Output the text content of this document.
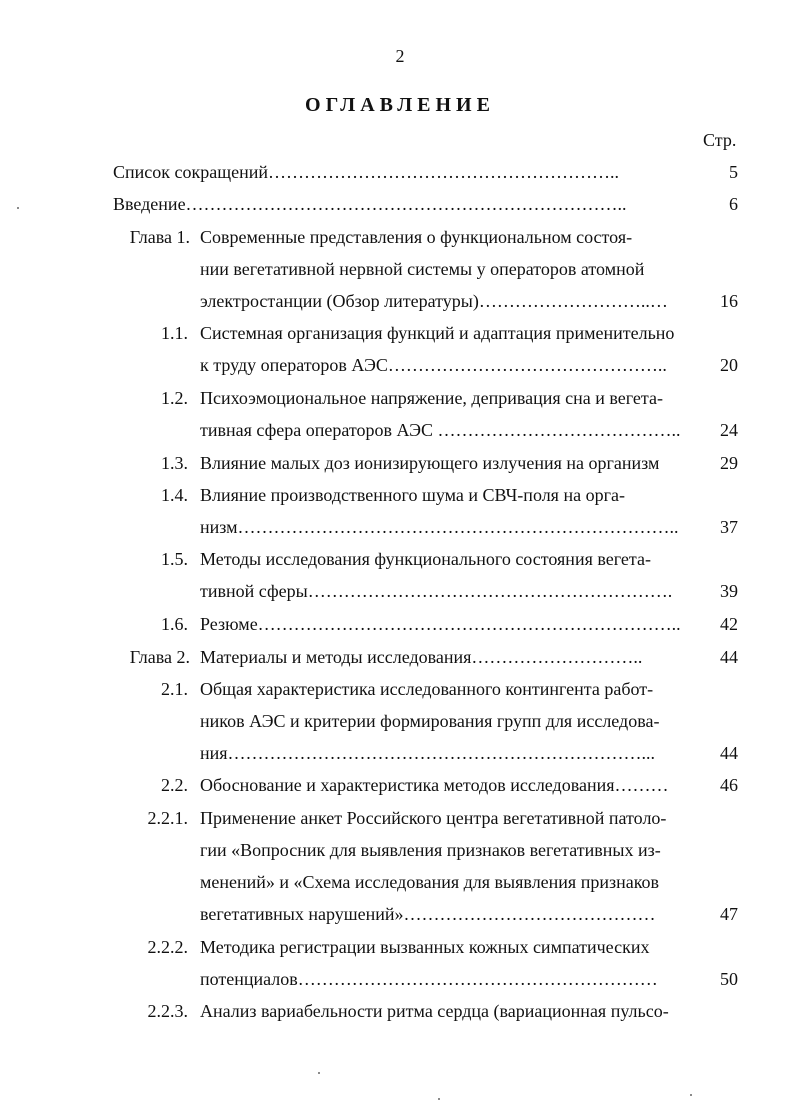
2
ОГЛАВЛЕНИЕ
Стр.
Список сокращений…………………………………………………..	5
Введение………………………………………………………………..	6
Глава 1. Современные представления о функциональном состоя-
нии вегетативной нервной системы у операторов атомной
электростанции (Обзор литературы)………………………..…	16
1.1. Системная организация функций и адаптация применительно
к труду операторов АЭС………………………………………..	20
1.2. Психоэмоциональное напряжение, депривация сна и вегета-
тивная сфера операторов АЭС …………………………………..	24
1.3. Влияние малых доз ионизирующего излучения на организм	29
1.4. Влияние производственного шума и СВЧ-поля на орга-
низм………………………………………………………………..	37
1.5. Методы исследования функционального состояния вегета-
тивной сферы…………………………………………………….	39
1.6. Резюме……………………………………………………………..	42
Глава 2. Материалы и методы исследования………………………..	44
2.1. Общая характеристика исследованного контингента работ-
ников АЭС и критерии формирования групп для исследова-
ния……………………………………………………………...	44
2.2. Обоснование и характеристика методов исследования………	46
2.2.1. Применение анкет Российского центра вегетативной патоло-
гии «Вопросник для выявления признаков вегетативных из-
менений» и «Схема исследования для выявления признаков
вегетативных нарушений»……………………………………	47
2.2.2. Методика регистрации вызванных кожных симпатических
потенциалов……………………………………………………	50
2.2.3. Анализ вариабельности ритма сердца (вариационная пульсо-
